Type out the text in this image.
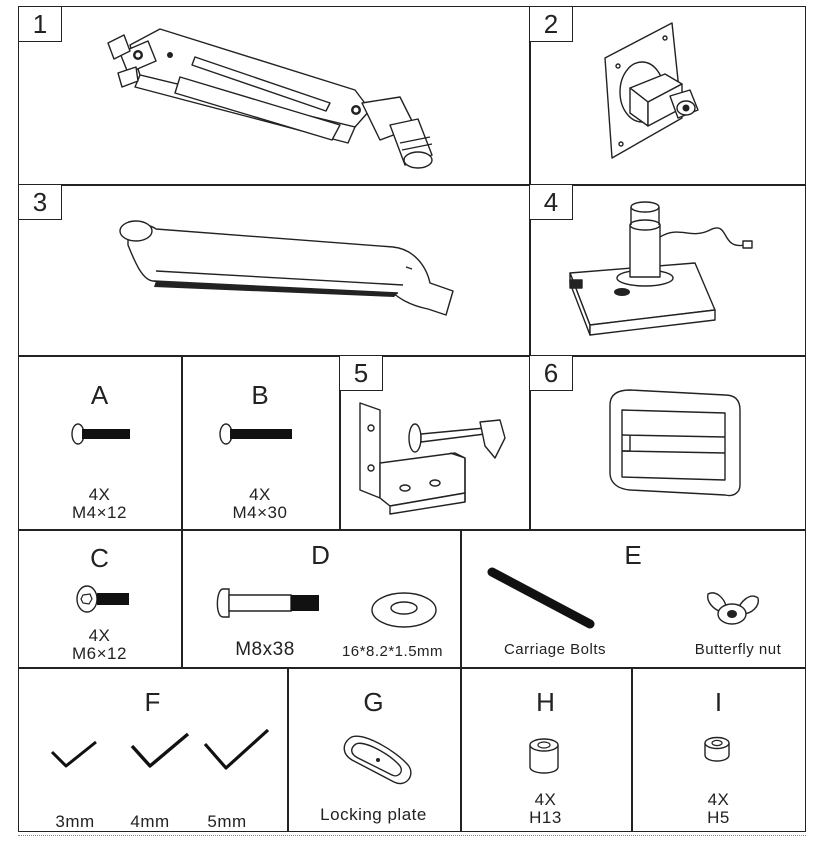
1	2
3	4
5	6
A
4X
M4×12
B
4X
M4×30
C
4X
M6×12
D
M8x38	16*8.2*1.5mm
E
Carriage Bolts	Butterfly nut
F
3mm	4mm	5mm
G
Locking plate
H
4X
H13
I
4X
H5
